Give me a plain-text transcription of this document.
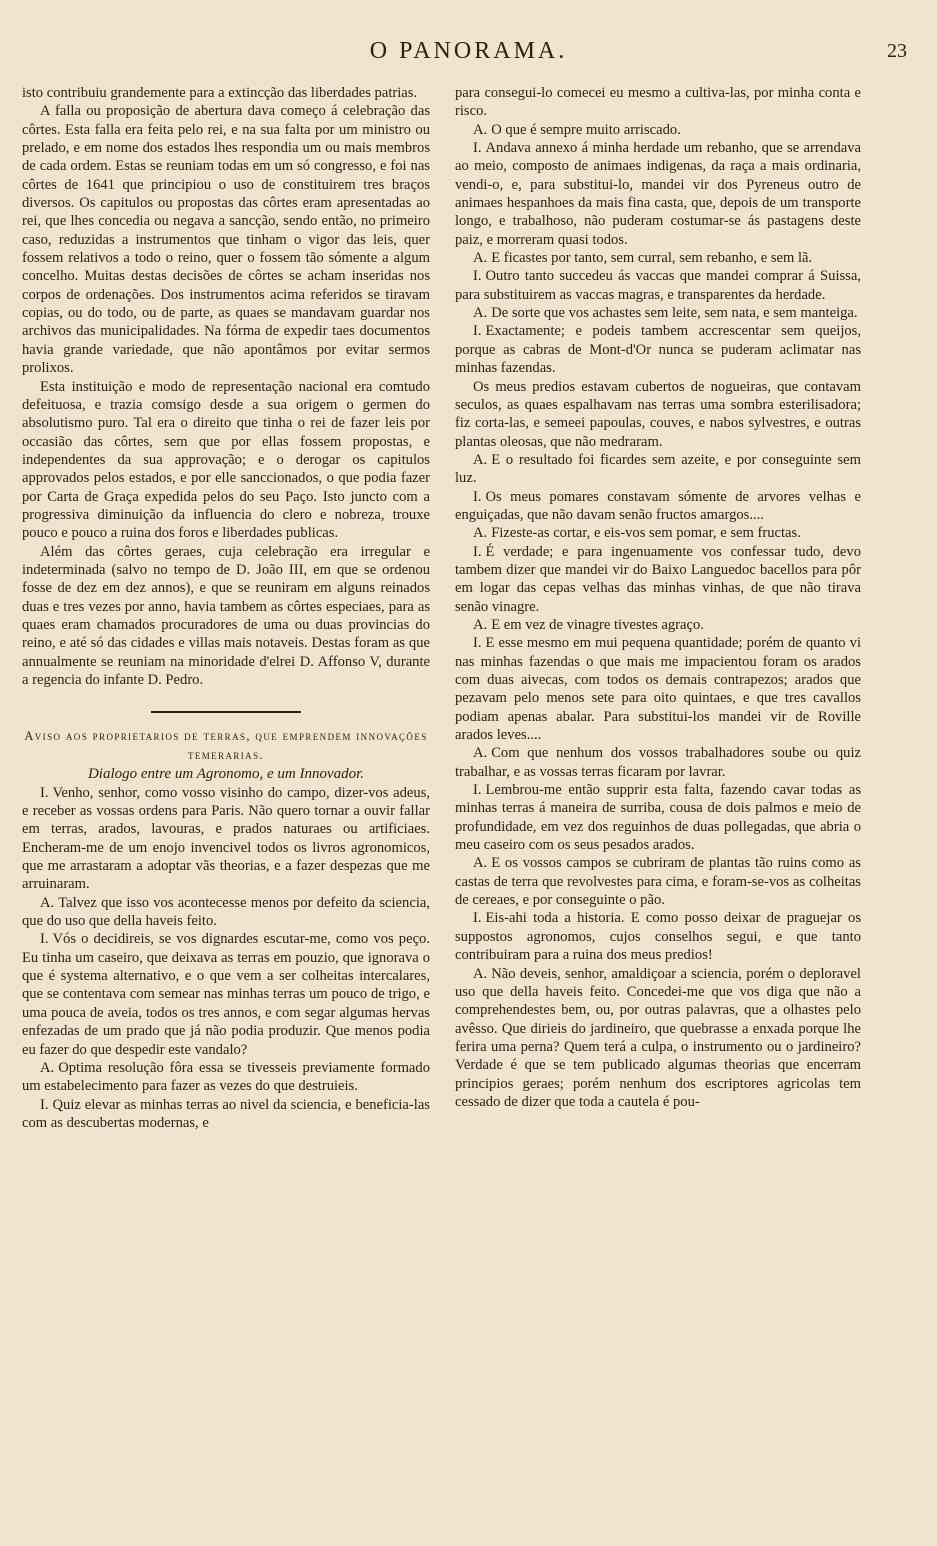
O PANORAMA.	23

isto contribuiu grandemente para a extincção das liberdades patrias.

A falla ou proposição de abertura dava começo á celebração das côrtes. Esta falla era feita pelo rei, e na sua falta por um ministro ou prelado, e em nome dos estados lhes respondia um ou mais membros de cada ordem. Estas se reuniam todas em um só congresso, e foi nas côrtes de 1641 que principiou o uso de constituirem tres braços diversos. Os capitulos ou propostas das côrtes eram apresentadas ao rei, que lhes concedia ou negava a sancção, sendo então, no primeiro caso, reduzidas a instrumentos que tinham o vigor das leis, quer fossem relativos a todo o reino, quer o fossem tão sómente a algum concelho. Muitas destas decisões de côrtes se acham inseridas nos corpos de ordenações. Dos instrumentos acima referidos se tiravam copias, ou do todo, ou de parte, as quaes se mandavam guardar nos archivos das municipalidades. Na fórma de expedir taes documentos havia grande variedade, que não apontâmos por evitar sermos prolixos.

Esta instituição e modo de representação nacional era comtudo defeituosa, e trazia comsigo desde a sua origem o germen do absolutismo puro. Tal era o direito que tinha o rei de fazer leis por occasião das côrtes, sem que por ellas fossem propostas, e independentes da sua approvação; e o derogar os capitulos approvados pelos estados, e por elle sanccionados, o que podia fazer por Carta de Graça expedida pelos do seu Paço. Isto juncto com a progressiva diminuição da influencia do clero e nobreza, trouxe pouco e pouco a ruina dos foros e liberdades publicas.

Além das côrtes geraes, cuja celebração era irregular e indeterminada (salvo no tempo de D. João III, em que se ordenou fosse de dez em dez annos), e que se reuniram em alguns reinados duas e tres vezes por anno, havia tambem as côrtes especiaes, para as quaes eram chamados procuradores de uma ou duas provincias do reino, e até só das cidades e villas mais notaveis. Destas foram as que annualmente se reuniam na minoridade d'elrei D. Affonso V, durante a regencia do infante D. Pedro.

Aviso aos proprietarios de terras, que emprendem innovações temerarias.

Dialogo entre um Agronomo, e um Innovador.

I. Venho, senhor, como vosso visinho do campo, dizer-vos adeus, e receber as vossas ordens para Paris. Não quero tornar a ouvir fallar em terras, arados, lavouras, e prados naturaes ou artificiaes. Encheram-me de um enojo invencivel todos os livros agronomicos, que me arrastaram a adoptar vãs theorias, e a fazer despezas que me arruinaram.

A. Talvez que isso vos acontecesse menos por defeito da sciencia, que do uso que della haveis feito.

I. Vós o decidireis, se vos dignardes escutar-me, como vos peço. Eu tinha um caseiro, que deixava as terras em pouzio, que ignorava o que é systema alternativo, e o que vem a ser colheitas intercalares, que se contentava com semear nas minhas terras um pouco de trigo, e uma pouca de aveia, todos os tres annos, e com segar algumas hervas enfezadas de um prado que já não podia produzir. Que menos podia eu fazer do que despedir este vandalo?

A. Optima resolução fôra essa se tivesseis previamente formado um estabelecimento para fazer as vezes do que destruieis.

I. Quiz elevar as minhas terras ao nivel da sciencia, e beneficia-las com as descubertas modernas, e

para consegui-lo comecei eu mesmo a cultiva-las, por minha conta e risco.

A. O que é sempre muito arriscado.

I. Andava annexo á minha herdade um rebanho, que se arrendava ao meio, composto de animaes indigenas, da raça a mais ordinaria, vendi-o, e, para substitui-lo, mandei vir dos Pyreneus outro de animaes hespanhoes da mais fina casta, que, depois de um transporte longo, e trabalhoso, não puderam costumar-se ás pastagens deste paiz, e morreram quasi todos.

A. E ficastes por tanto, sem curral, sem rebanho, e sem lã.

I. Outro tanto succedeu ás vaccas que mandei comprar á Suissa, para substituirem as vaccas magras, e transparentes da herdade.

A. De sorte que vos achastes sem leite, sem nata, e sem manteiga.

I. Exactamente; e podeis tambem accrescentar sem queijos, porque as cabras de Mont-d'Or nunca se puderam aclimatar nas minhas fazendas.

Os meus predios estavam cubertos de nogueiras, que contavam seculos, as quaes espalhavam nas terras uma sombra esterilisadora; fiz corta-las, e semeei papoulas, couves, e nabos sylvestres, e outras plantas oleosas, que não medraram.

A. E o resultado foi ficardes sem azeite, e por conseguinte sem luz.

I. Os meus pomares constavam sómente de arvores velhas e enguiçadas, que não davam senão fructos amargos....

A. Fizeste-as cortar, e eis-vos sem pomar, e sem fructas.

I. É verdade; e para ingenuamente vos confessar tudo, devo tambem dizer que mandei vir do Baixo Languedoc bacellos para pôr em logar das cepas velhas das minhas vinhas, de que não tirava senão vinagre.

A. E em vez de vinagre tivestes agraço.

I. E esse mesmo em mui pequena quantidade; porém de quanto vi nas minhas fazendas o que mais me impacientou foram os arados com duas aivecas, com todos os demais contrapezos; arados que pezavam pelo menos sete para oito quintaes, e que tres cavallos podiam apenas abalar. Para substitui-los mandei vir de Roville arados leves....

A. Com que nenhum dos vossos trabalhadores soube ou quiz trabalhar, e as vossas terras ficaram por lavrar.

I. Lembrou-me então supprir esta falta, fazendo cavar todas as minhas terras á maneira de surriba, cousa de dois palmos e meio de profundidade, em vez dos reguinhos de duas pollegadas, que abria o meu caseiro com os seus pesados arados.

A. E os vossos campos se cubriram de plantas tão ruins como as castas de terra que revolvestes para cima, e foram-se-vos as colheitas de cereaes, e por conseguinte o pão.

I. Eis-ahi toda a historia. E como posso deixar de praguejar os suppostos agronomos, cujos conselhos segui, e que tanto contribuiram para a ruina dos meus predios!

A. Não deveis, senhor, amaldiçoar a sciencia, porém o deploravel uso que della haveis feito. Concedei-me que vos diga que não a comprehendestes bem, ou, por outras palavras, que a olhastes pelo avêsso. Que dirieis do jardineiro, que quebrasse a enxada porque lhe ferira uma perna? Quem terá a culpa, o instrumento ou o jardineiro? Verdade é que se tem publicado algumas theorias que encerram principios geraes; porém nenhum dos escriptores agricolas tem cessado de dizer que toda a cautela é pou-
